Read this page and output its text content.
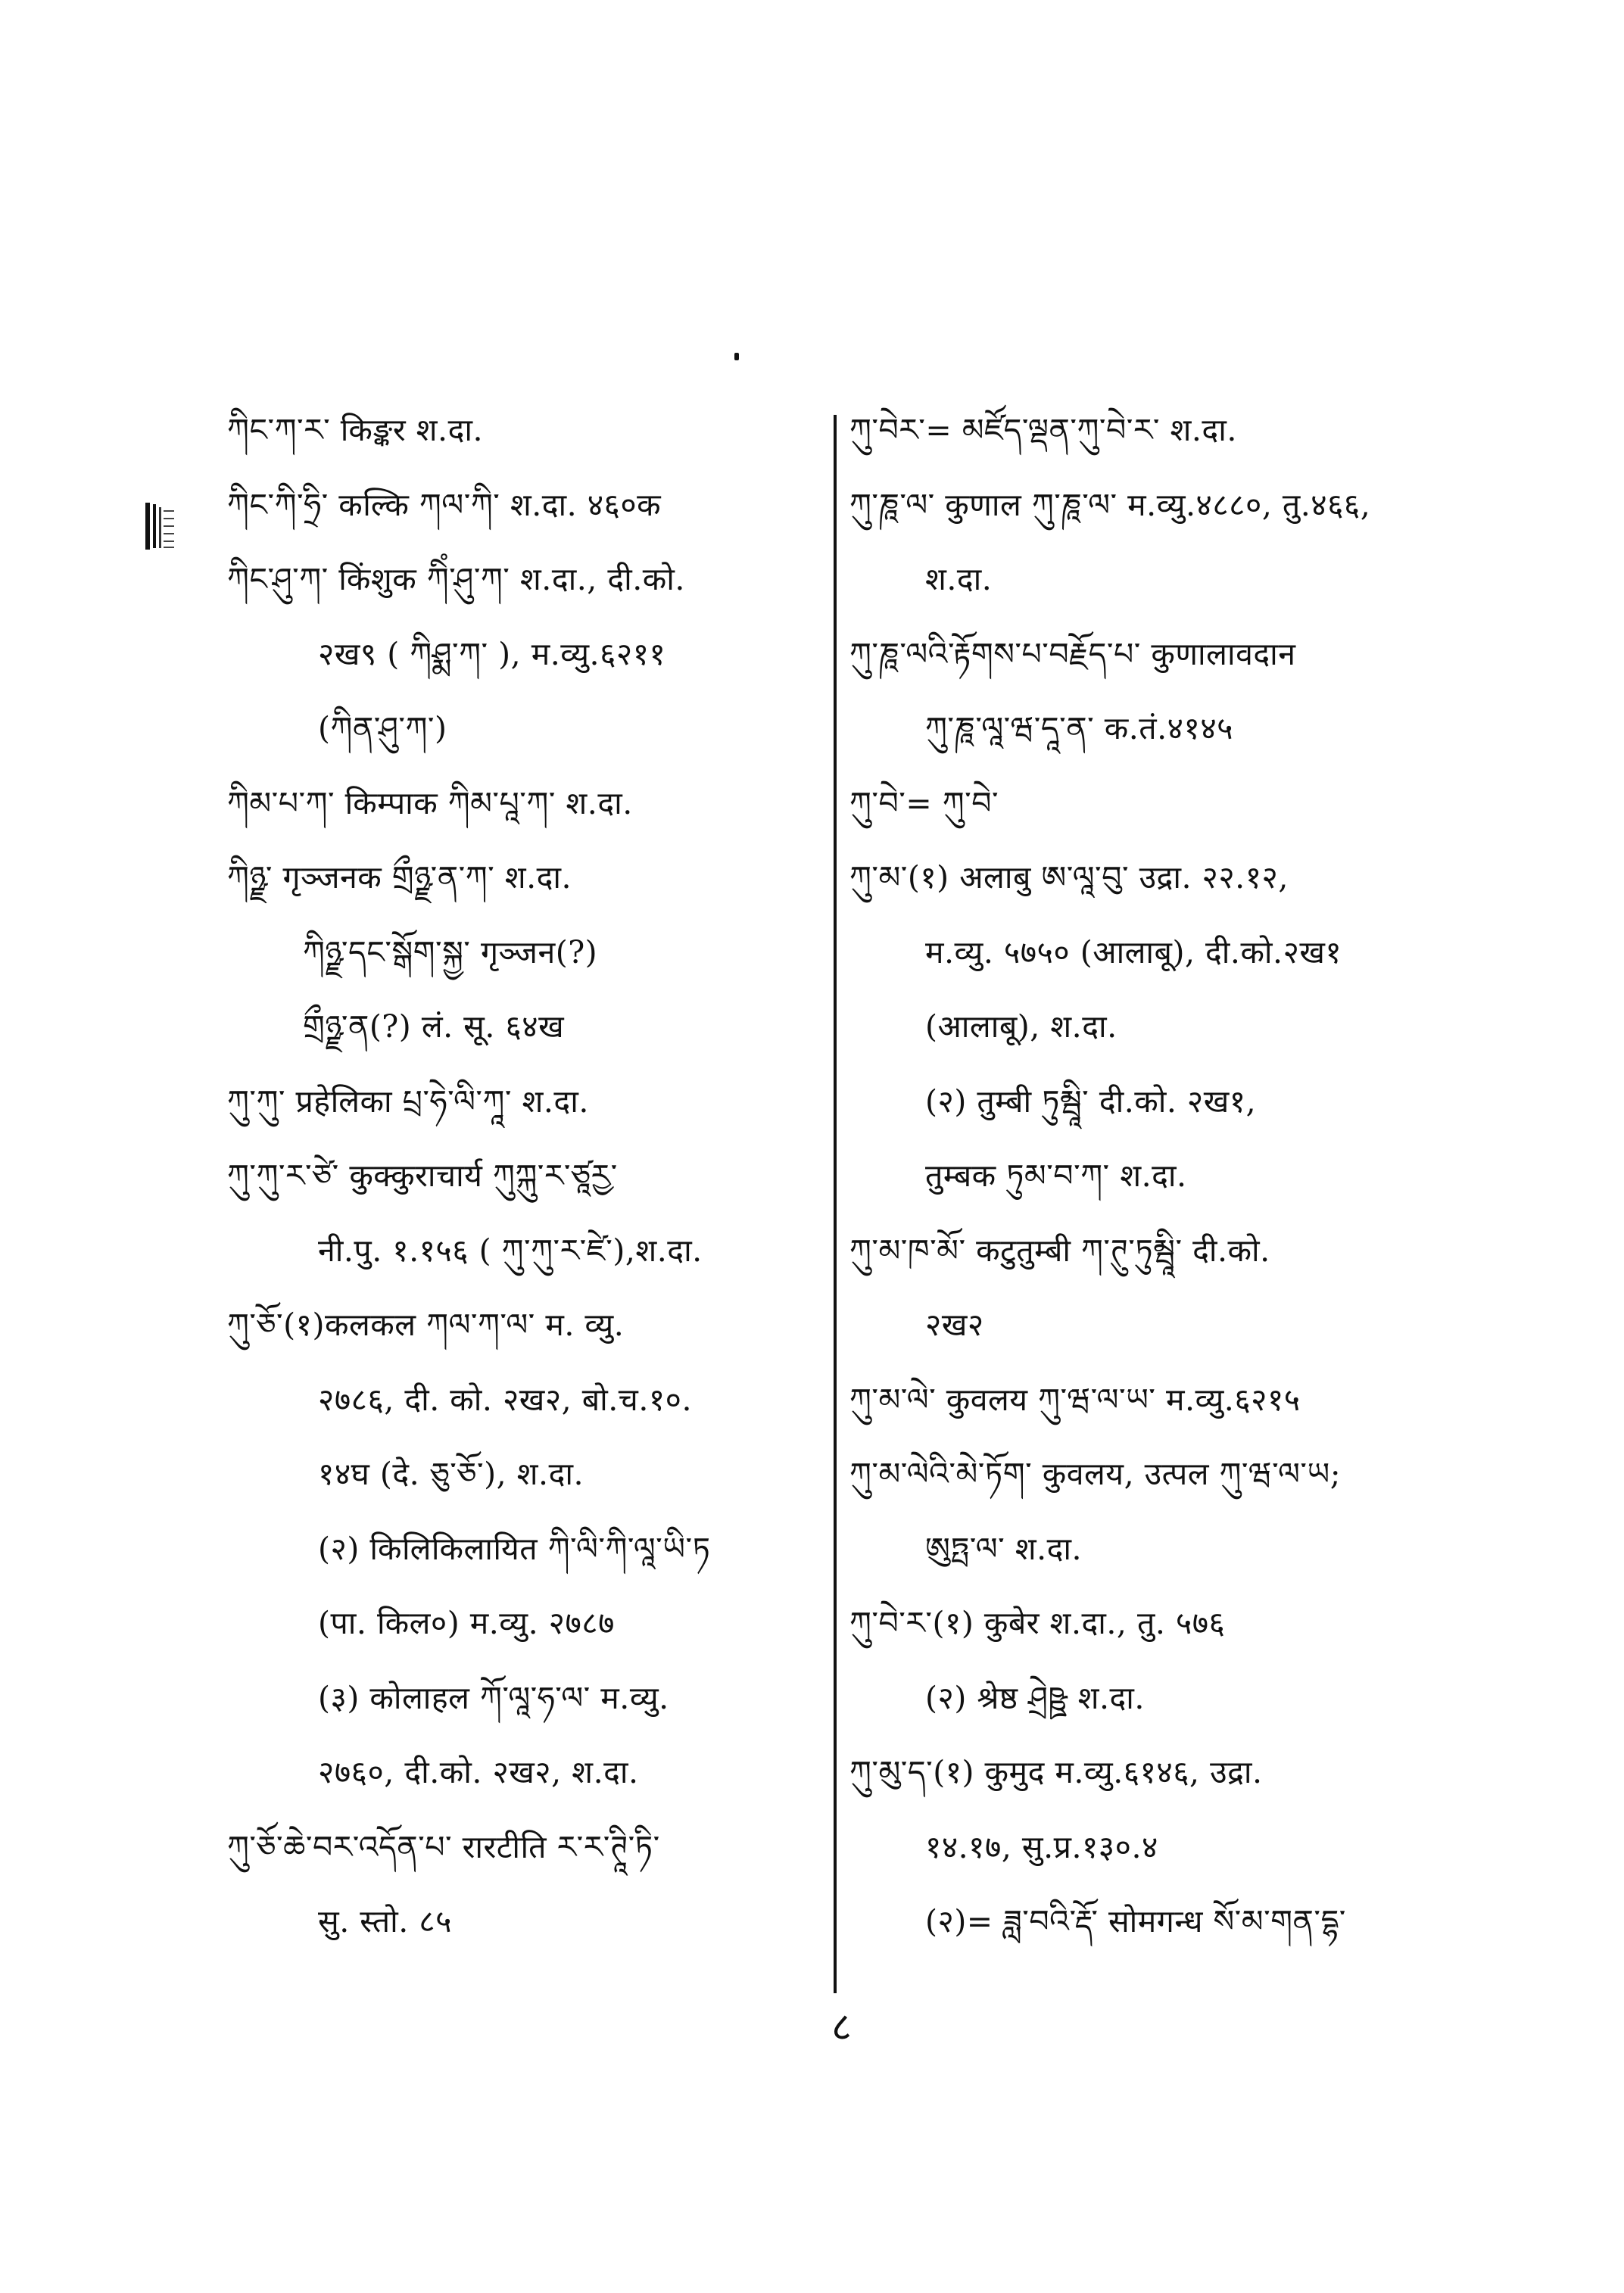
ཀིང་ཀ་ར་ किङ्कर श.दा.
ཀིང་ཀི་ཧྲི་ कल्कि ཀལ་ཀི་ श.दा. ४६०क
ཀིང་ཤུ་ཀ་ किंशुक ཀིཾ་ཤུ་ཀ་ श.दा., दी.को.
२ख९ ( ཀིཤྨ་ཀ་ ), म.व्यु.६२११
(ཀིན་ཤུ་ཀ་)
ཀིམ་པ་ཀ་ किम्पाक ཀིམ་པཱ་ཀ་ श.दा.
ཀིཉྫ་ गृञ्जनक གྲྀཉྫ་ན་ཀ་ श.दा.
ཀིཉྫ་དང་སྒོག་སྐྱ་ गृञ्जन(?)
གྲྀཉྫ་ན(?) लं. सू. ६४ख
ཀུ་ཀུ་ प्रहेलिका པྲ་ཧེ་ལི་ཀཱ་ श.दा.
ཀུ་ཀུ་ར་ཙེ་ कुक्कुराचार्य ཀུཀྐུ་ར་ཙཱརྱ་
नी.पु. १.१५६ ( ཀུ་ཀུ་ར་ཛེ་),श.दा.
ཀུ་ཅོ་(१)कलकल ཀལ་ཀ་ལ་ म. व्यु.
२७८६, दी. को. २ख२, बो.च.१०.
१४घ (दे. ཅུ་ཅོ་), श.दा.
(२) किलिकिलायित ཀི་ལི་ཀི་ལཱ་ཡི་ཏ
(पा. किल०) म.व्यु. २७८७
(३) कोलाहल ཀོ་ལཱ་ཧ་ལ་ म.व्यु.
२७६०, दी.को. २ख२, श.दा.
ཀུ་ཅོ་ཆེ་བར་འདོན་པ་ रारटीति ར་ར་ཊཱི་ཏི་
सु. स्तो. ८५
ཀུ་བེར་= མཛོད་ལྡན་ཀུ་བེ་ར་ श.दा.
ཀུ་ཎཱ་ལ་ कुणाल ཀུ་ཎཱ་ལ་ म.व्यु.४८८०, तु.४६६,
श.दा.
ཀུ་ཎཱ་ལའི་རྟོགས་པ་བརྗོད་པ་ कुणालावदान
ཀུ་ཎཱ་ལཱ་ཝ་དཱ་ན་ क.तं.४१४५
ཀུ་བེ་= ཀུ་བེ་
ཀུ་མ་(१) अलाबु ཨ་ལཱ་བུ་ उद्रा. २२.१२,
म.व्यु. ५७५० (आलाबू), दी.को.२ख१
(आलाबू), श.दा.
(२) तुम्बी ཏུམྦཱི་ दी.को. २ख१,
तुम्बक ཏུམ་བ་ཀ་ श.दा.
ཀུ་མ་ཁ་མོ་ कटुतुम्बी ཀ་ཊུ་ཏུམྦཱི་ दी.को.
२ख२
ཀུ་མ་ལེ་ कुवलय ཀུ་ཝ་ལ་ཡ་ म.व्यु.६२१५
ཀུ་མ་ལེའི་མེ་ཏོག་ कुवलय, उत्पल ཀུ་ཝ་ལ་ཡ;
ཨུཏྤ་ལ་ श.दा.
ཀུ་བེ་ར་(१) कुबेर श.दा., तु. ५७६
(२) श्रेष्ठ ཤྲེཥྛ श.दा.
ཀུ་མུ་ད་(१) कुमुद म.व्यु.६१४६, उद्रा.
१४.१७, सु.प्र.१३०.४
(२)= ཟླ་བའི་རྡོ་ सोमगन्ध སོ་མ་གན་དྷ་
८
